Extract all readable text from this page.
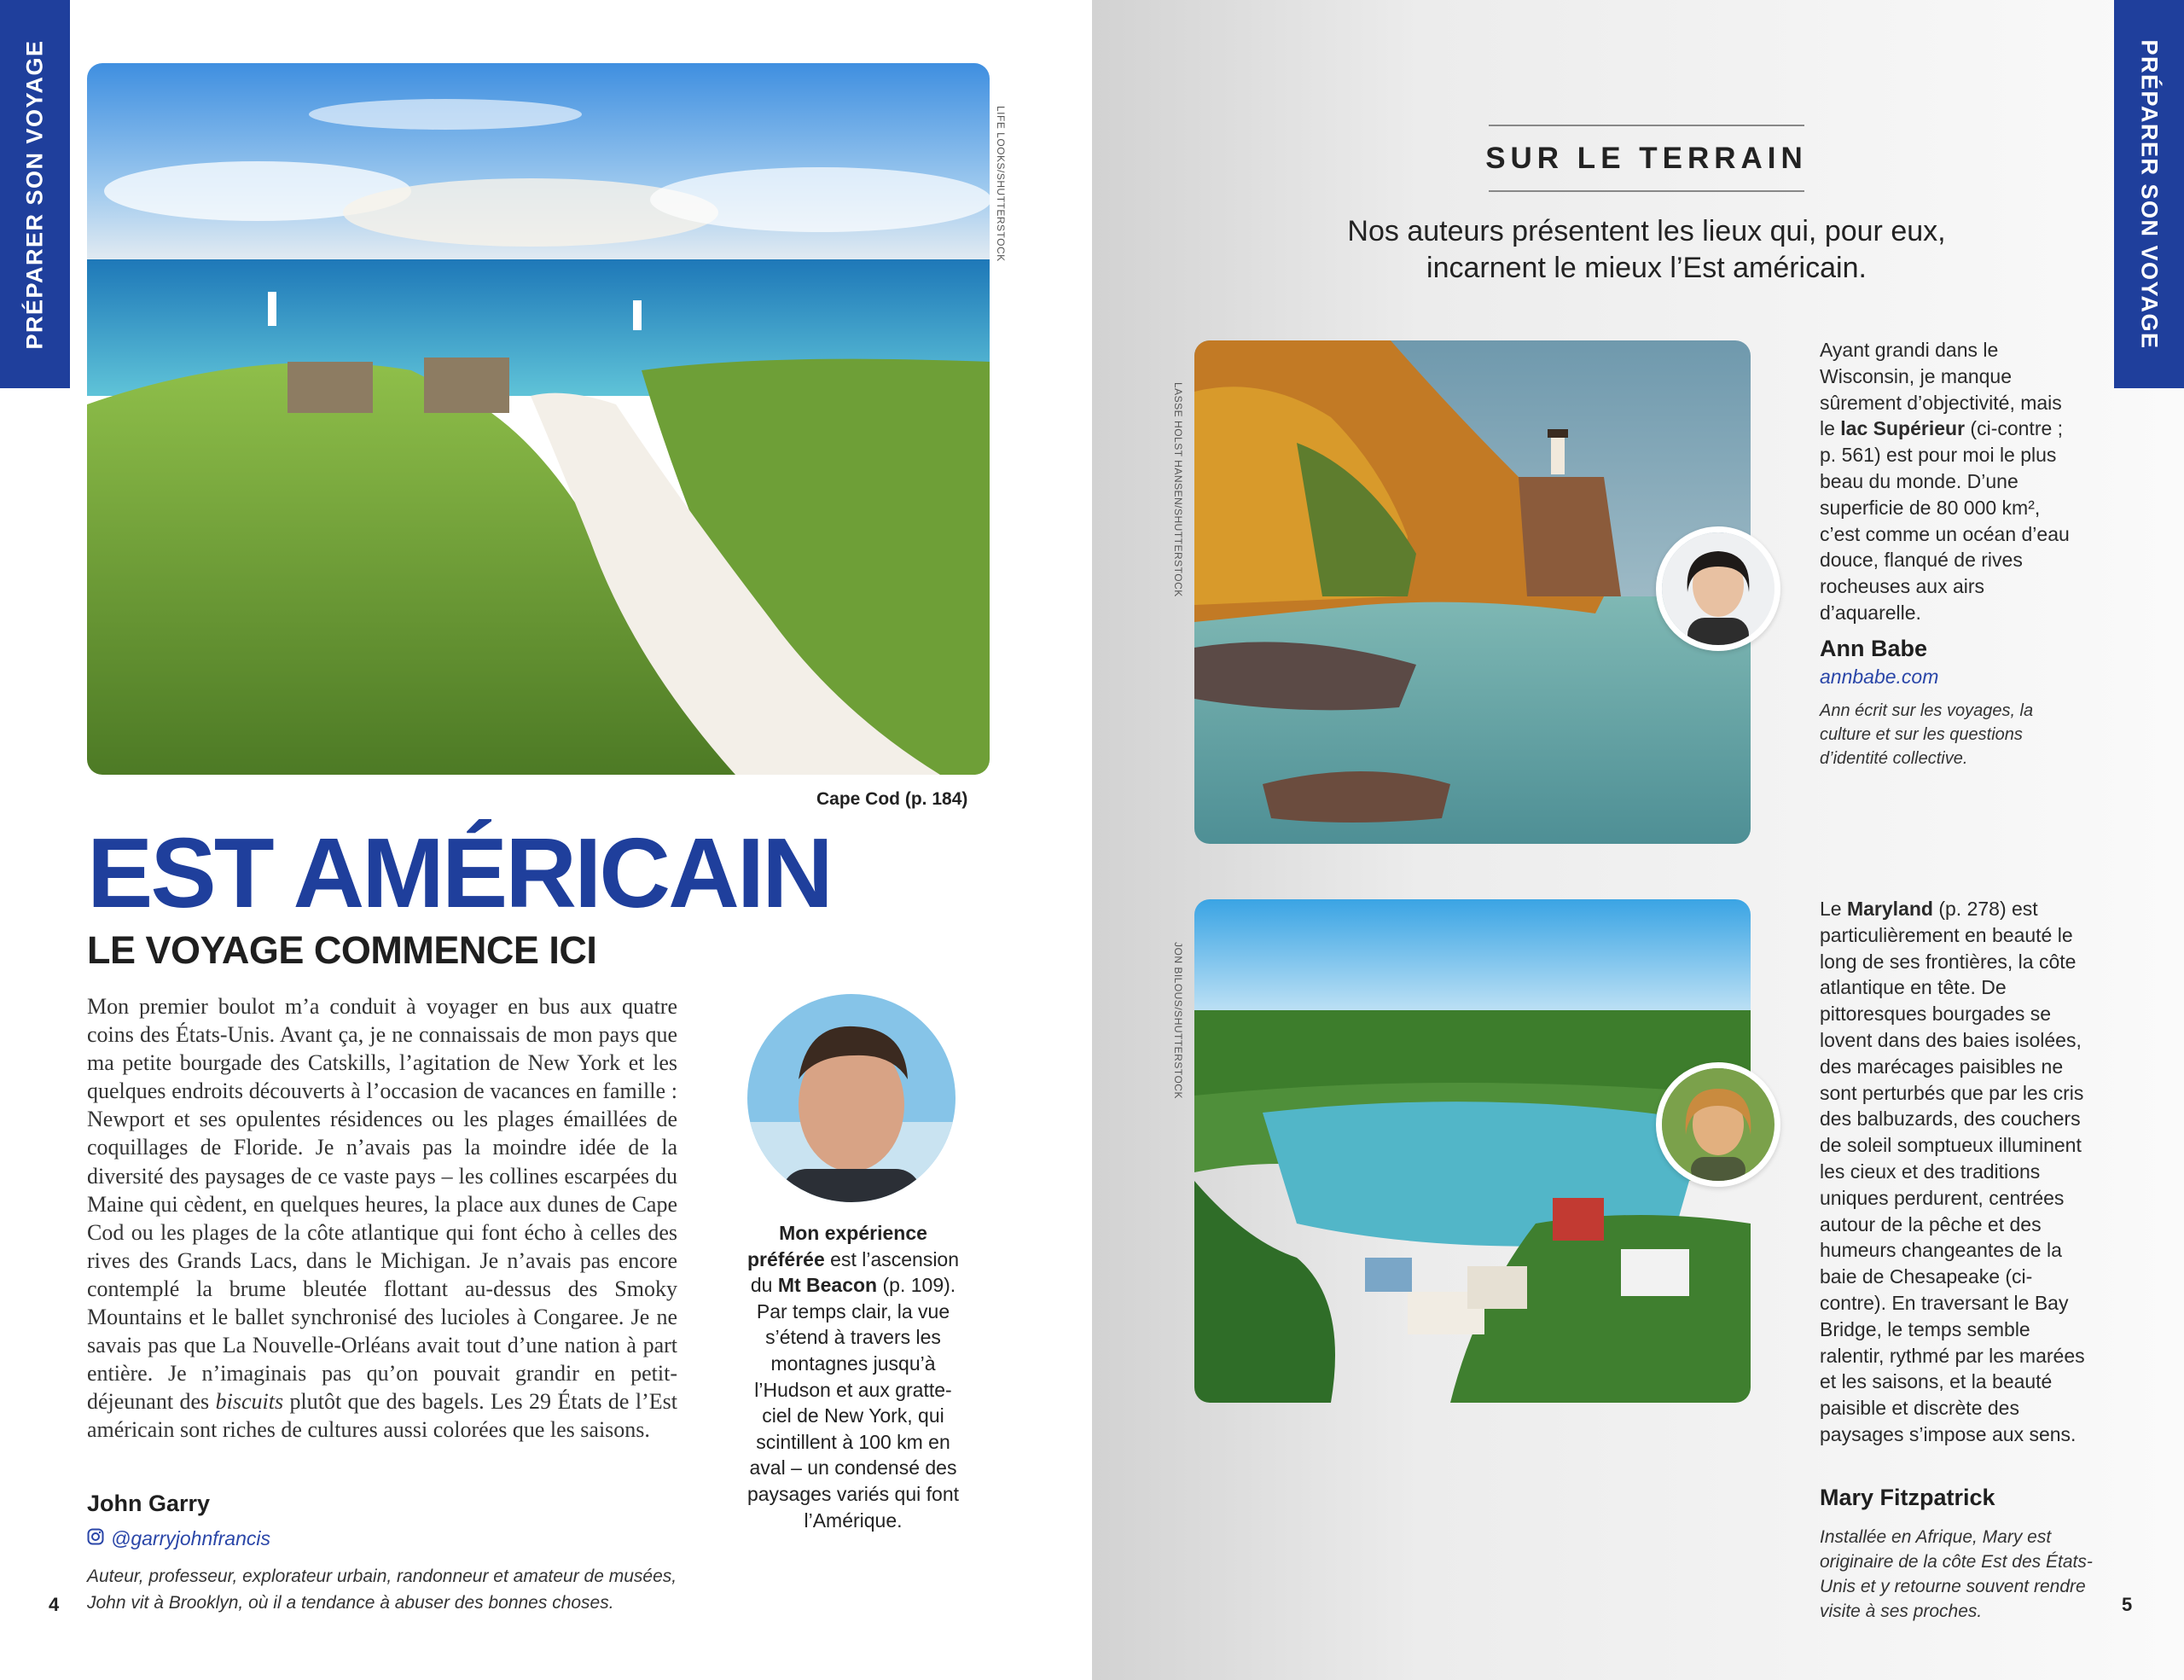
PRÉPARER SON VOYAGE	LIFE LOOKS/SHUTTERSTOCK
Cape Cod (p. 184)
EST AMÉRICAIN
LE VOYAGE COMMENCE ICI

Mon premier boulot m’a conduit à voyager en bus aux quatre coins des États-Unis. Avant ça, je ne connaissais de mon pays que ma petite bourgade des Catskills, l’agitation de New York et les quelques endroits découverts à l’occasion de vacances en famille : Newport et ses opulentes résidences ou les plages émaillées de coquillages de Floride. Je n’avais pas la moindre idée de la diversité des paysages de ce vaste pays – les collines escarpées du Maine qui cèdent, en quelques heures, la place aux dunes de Cape Cod ou les plages de la côte atlantique qui font écho à celles des rives des Grands Lacs, dans le Michigan. Je n’avais pas encore contemplé la brume bleutée flottant au-dessus des Smoky Mountains et le ballet synchronisé des lucioles à Congaree. Je ne savais pas que La Nouvelle-Orléans avait tout d’une nation à part entière. Je n’imaginais pas qu’on pouvait grandir en petit-déjeunant des biscuits plutôt que des bagels. Les 29 États de l’Est américain sont riches de cultures aussi colorées que les saisons.

John Garry
@garryjohnfrancis
Auteur, professeur, explorateur urbain, randonneur et amateur de musées,
John vit à Brooklyn, où il a tendance à abuser des bonnes choses.
Mon expérience préférée est l’ascension du Mt Beacon (p. 109). Par temps clair, la vue s’étend à travers les montagnes jusqu’à l’Hudson et aux gratte-ciel de New York, qui scintillent à 100 km en aval – un condensé des paysages variés qui font l’Amérique.
4
PRÉPARER SON VOYAGE
SUR LE TERRAIN
Nos auteurs présentent les lieux qui, pour eux,
incarnent le mieux l’Est américain.
LASSE HOLST HANSEN/SHUTTERSTOCK
Ayant grandi dans le Wisconsin, je manque sûrement d’objectivité, mais le lac Supérieur (ci-contre ; p. 561) est pour moi le plus beau du monde. D’une superficie de 80 000 km², c’est comme un océan d’eau douce, flanqué de rives rocheuses aux airs d’aquarelle.
Ann Babe
annbabe.com
Ann écrit sur les voyages, la culture et sur les questions d’identité collective.
JON BILOUS/SHUTTERSTOCK
Le Maryland (p. 278) est particulièrement en beauté le long de ses frontières, la côte atlantique en tête. De pittoresques bourgades se lovent dans des baies isolées, des marécages paisibles ne sont perturbés que par les cris des balbuzards, des couchers de soleil somptueux illuminent les cieux et des traditions uniques perdurent, centrées autour de la pêche et des humeurs changeantes de la baie de Chesapeake (ci-contre). En traversant le Bay Bridge, le temps semble ralentir, rythmé par les marées et les saisons, et la beauté paisible et discrète des paysages s’impose aux sens.
Mary Fitzpatrick
Installée en Afrique, Mary est originaire de la côte Est des États-Unis et y retourne souvent rendre visite à ses proches.	5
